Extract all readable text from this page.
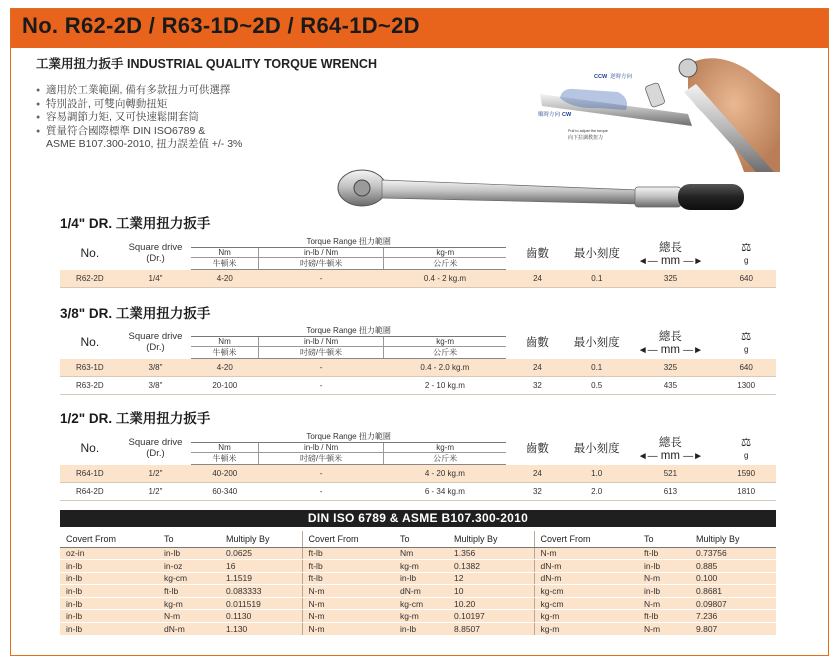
No. R62-2D / R63-1D~2D / R64-1D~2D
工業用扭力扳手 INDUSTRIAL QUALITY TORQUE WRENCH
● 適用於工業範圍, 備有多款扭力可供選擇
● 特別設計, 可雙向轉動扭矩
● 容易調節力矩, 又可快速鬆開套筒
● 質量符合國際標準 DIN ISO6789 &
ASME B107.300-2010, 扭力誤差值 +/- 3%
CCW 逆時方向
順時方向 CW
Pull to adjust the torque
向下拉調教扭力
1/4" DR. 工業用扭力扳手
No.	Square drive
(Dr.)	Torque Range 扭力範圍			齒數	最小刻度	總長
◄― mm ―►	⚖
g
		Nm	in-lb / Nm	kg-m				
		牛頓米	吋磅/牛頓米	公斤米				
R62-2D	1/4"	4-20	-	0.4 - 2 kg.m	24	0.1	325	640
3/8" DR. 工業用扭力扳手
No.	Square drive
(Dr.)	Torque Range 扭力範圍			齒數	最小刻度	總長
◄― mm ―►	⚖
g
		Nm	in-lb / Nm	kg-m				
		牛頓米	吋磅/牛頓米	公斤米				
R63-1D	3/8"	4-20	-	0.4 - 2.0 kg.m	24	0.1	325	640
R63-2D	3/8"	20-100	-	2 - 10 kg.m	32	0.5	435	1300
1/2" DR. 工業用扭力扳手
No.	Square drive
(Dr.)	Torque Range 扭力範圍			齒數	最小刻度	總長
◄― mm ―►	⚖
g
		Nm	in-lb / Nm	kg-m				
		牛頓米	吋磅/牛頓米	公斤米				
R64-1D	1/2"	40-200	-	4 - 20 kg.m	24	1.0	521	1590
R64-2D	1/2"	60-340	-	6 - 34 kg.m	32	2.0	613	1810
DIN ISO 6789 & ASME B107.300-2010
Covert From	To	Multiply By	Covert From	To	Multiply By	Covert From	To	Multiply By
oz-in	in-lb	0.0625	ft-lb	Nm	1.356	N-m	ft-lb	0.73756
in-lb	in-oz	16	ft-lb	kg-m	0.1382	dN-m	in-lb	0.885
in-lb	kg-cm	1.1519	ft-lb	in-lb	12	dN-m	N-m	0.100
in-lb	ft-lb	0.083333	N-m	dN-m	10	kg-cm	in-lb	0.8681
in-lb	kg-m	0.011519	N-m	kg-cm	10.20	kg-cm	N-m	0.09807
in-lb	N-m	0.1130	N-m	kg-m	0.10197	kg-m	ft-lb	7.236
in-lb	dN-m	1.130	N-m	in-lb	8.8507	kg-m	N-m	9.807
